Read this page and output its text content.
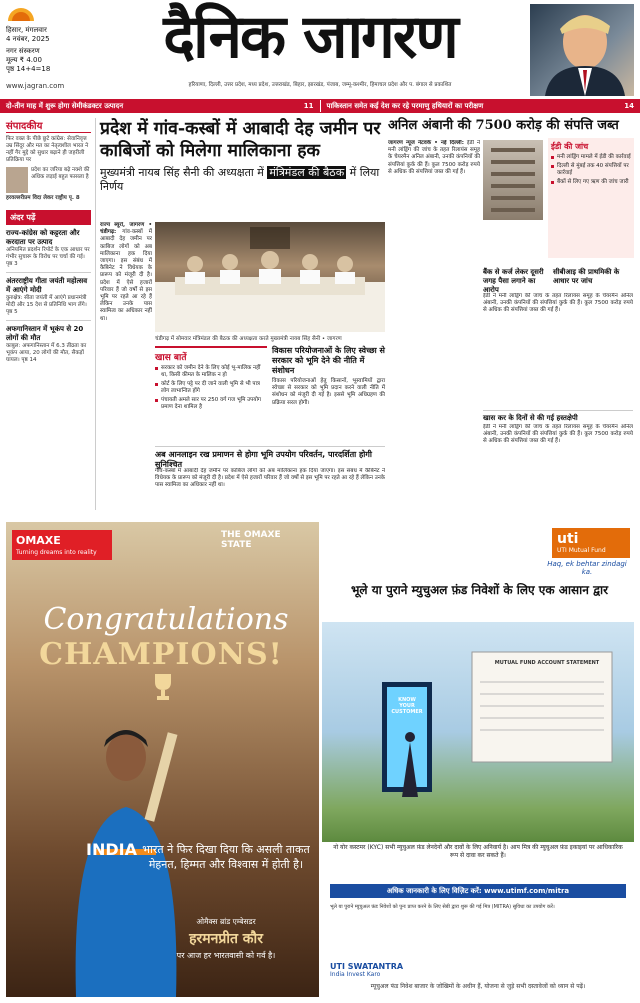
हिसार, मंगलवार
4 नवंबर, 2025
नगर संस्करण
मूल्य ₹ 4.00
पृष्ठ 14+4=18	दैनिक जागरण
हरियाणा, दिल्ली, उत्तर प्रदेश, मध्य प्रदेश, उत्तराखंड, बिहार, झारखंड, पंजाब, जम्मू-कश्मीर, हिमाचल प्रदेश और प. बंगाल से प्रकाशित
www.jagran.com
दो-तीन माह में शुरू होगा सेमीकंडक्टर उत्पादन	11 पाकिस्तान समेत कई देश कर रहे परमाणु हथियारों का परीक्षण	14
संपादकीय
फिर वक्त के पीछे छूटे कांग्रेस: सेवानिवृत्त उम्र सिंदूर और मत का नेतृत्वशील भारत ने नहीं गैर मुद्दे को सुधार बढ़ाने ही जहरीली प्रतिक्रिया पर
प्रदेश का जरिया बढ़े नक्शे की
अधिक लड़ाई बहुत फासला है
हरवल्लरीप्रम विदा लेकर राष्ट्रीय पृ. 8
अंदर पढ़ें
राज्य-कांग्रेस को कट्टरता और करदाता पर उत्पाद
अनियमित प्रदर्शन रिपोर्ट के एक आधार पर गंभीर सुचारू के विरोध पर चर्चा की गई। पृष्ठ 3
अंतरराष्ट्रीय गीता जयंती महोत्सव में आएंगे मोदी
कुरुक्षेत्र: सीता जयंती में आएंगे प्रधानमंत्री मोदी और 15 देश से प्रतिनिधि भाग लेंगे। पृष्ठ 5
अफगानिस्तान में भूकंप से 20 लोगों की मौत
काबुल: अफगानिस्तान में 6.3 तीव्रता का भूकंप आया, 20 लोगों की मौत, सैकड़ों घायल। पृष्ठ 14
प्रदेश में गांव-कस्बों में आबादी देह जमीन पर काबिजों को मिलेगा मालिकाना हक
मुख्यमंत्री नायब सिंह सैनी की अध्यक्षता में मंत्रिमंडल की बैठक में लिया निर्णय
राज्य ब्यूरो, जागरण • चंडीगढ़: गांव-कस्बों में आबादी देह जमीन पर काबिज लोगों को अब मालिकाना हक दिया जाएगा। इस संबंध में कैबिनेट ने विधेयक के प्रारूप को मंजूरी दी है। प्रदेश में ऐसे हजारों परिवार हैं जो वर्षों से इस भूमि पर रहते आ रहे हैं लेकिन उनके पास स्वामित्व का अधिकार नहीं था।
चंडीगढ़ में सोमवार मंत्रिमंडल की बैठक की अध्यक्षता करते मुख्यमंत्री नायब सिंह सैनी • जागरण
खास बातें
सरकार को जमीन देने के लिए कोई भू-मालिक नहीं था, किसी कीमत के मालिक न हो
कोर्ट के लिए पट्टे पर दी जाने वाली भूमि से भी पात्र लोग लाभान्वित होंगे
पंचायती अमले सार पर 250 वर्ग गज भूमि उपयोग प्रमाण देना शामिल है
विकास परियोजनाओं के लिए स्वेच्छा से सरकार को भूमि देने की नीति में संशोधन
विकास परियोजनाओं हेतु किसानों, भूस्वामियों द्वारा स्वेच्छा से सरकार को भूमि प्रदान करने वाली नीति में संशोधन को मंजूरी दी गई है। इससे भूमि अधिग्रहण की प्रक्रिया सरल होगी।
अब आनलाइन रख प्रमाणन से होगा भूमि उपयोग परिवर्तन, पारदर्शिता होगी सुनिश्चित
गांव-कस्बों में आबादी देह जमीन पर काबिज लोगों को अब मालिकाना हक दिया जाएगा। इस संबंध में कैबिनेट ने विधेयक के प्रारूप को मंजूरी दी है। प्रदेश में ऐसे हजारों परिवार हैं जो वर्षों से इस भूमि पर रहते आ रहे हैं लेकिन उनके पास स्वामित्व का अधिकार नहीं था।
अनिल अंबानी की 7500 करोड़ की संपत्ति जब्त
जागरण न्यूज नेटवर्क • नई दिल्ली: ईडी ने मनी लांड्रिंग की जांच के तहत रिलायंस समूह के चेयरमैन अनिल अंबानी, उनकी कंपनियों की संपत्तियां कुर्क की हैं। कुल 7500 करोड़ रुपये से अधिक की संपत्तियां जब्त की गई हैं।
ईडी की जांच
मनी लांड्रिंग मामले में ईडी की कार्रवाई
दिल्ली से मुंबई तक 40 संपत्तियों पर कार्रवाई
बैंकों से लिए गए ऋण की जांच जारी
बैंक से कर्ज लेकर दूसरी जगह पैसा लगाने का आरोप
सीबीआइ की प्राथमिकी के आधार पर जांच
ईडी ने मनी लांड्रिंग की जांच के तहत रिलायंस समूह के चेयरमैन अनिल अंबानी, उनकी कंपनियों की संपत्तियां कुर्क की हैं। कुल 7500 करोड़ रुपये से अधिक की संपत्तियां जब्त की गई हैं।
खास कर के दिनों से की गई हस्तक्षेपी
ईडी ने मनी लांड्रिंग की जांच के तहत रिलायंस समूह के चेयरमैन अनिल अंबानी, उनकी कंपनियों की संपत्तियां कुर्क की हैं। कुल 7500 करोड़ रुपये से अधिक की संपत्तियां जब्त की गई हैं।
OMAXE
Turning dreams into reality
THE OMAXE STATE
Congratulations
CHAMPIONS!
INDIA भारत ने फिर दिखा दिया कि असली ताकत मेहनत, हिम्मत और विश्वास में होती है।
ओमैक्स ब्रांड एम्बेसडर
हरमनप्रीत कौर
पर आज हर भारतवासी को गर्व है।
uti
UTI Mutual Fund
Haq, ek behtar zindagi ka.
भूले या पुराने म्युचुअल फ़ंड निवेशों के लिए एक आसान द्वार
MUTUAL FUND ACCOUNT STATEMENT
KNOW YOUR CUSTOMER
नो योर कस्टमर (KYC) सभी म्युचुअल फ़ंड लेनदेनों और दावों के लिए अनिवार्य है। आप मित्र की म्युचुअल फ़ंड इकाइयां पर आधिकारिक रूप से दावा कर सकते हैं।
अधिक जानकारी के लिए विज़िट करें: www.utimf.com/mitra
भूले या पुराने म्युचुअल फ़ंड निवेशों को पुनः प्राप्त करने के लिए सेबी द्वारा शुरू की गई मित्र (MITRA) सुविधा का उपयोग करें।
UTI SWATANTRA
India Invest Karo
म्यूचुअल फंड निवेश बाजार के जोखिमों के अधीन हैं, योजना से जुड़े सभी दस्तावेजों को ध्यान से पढ़ें।
